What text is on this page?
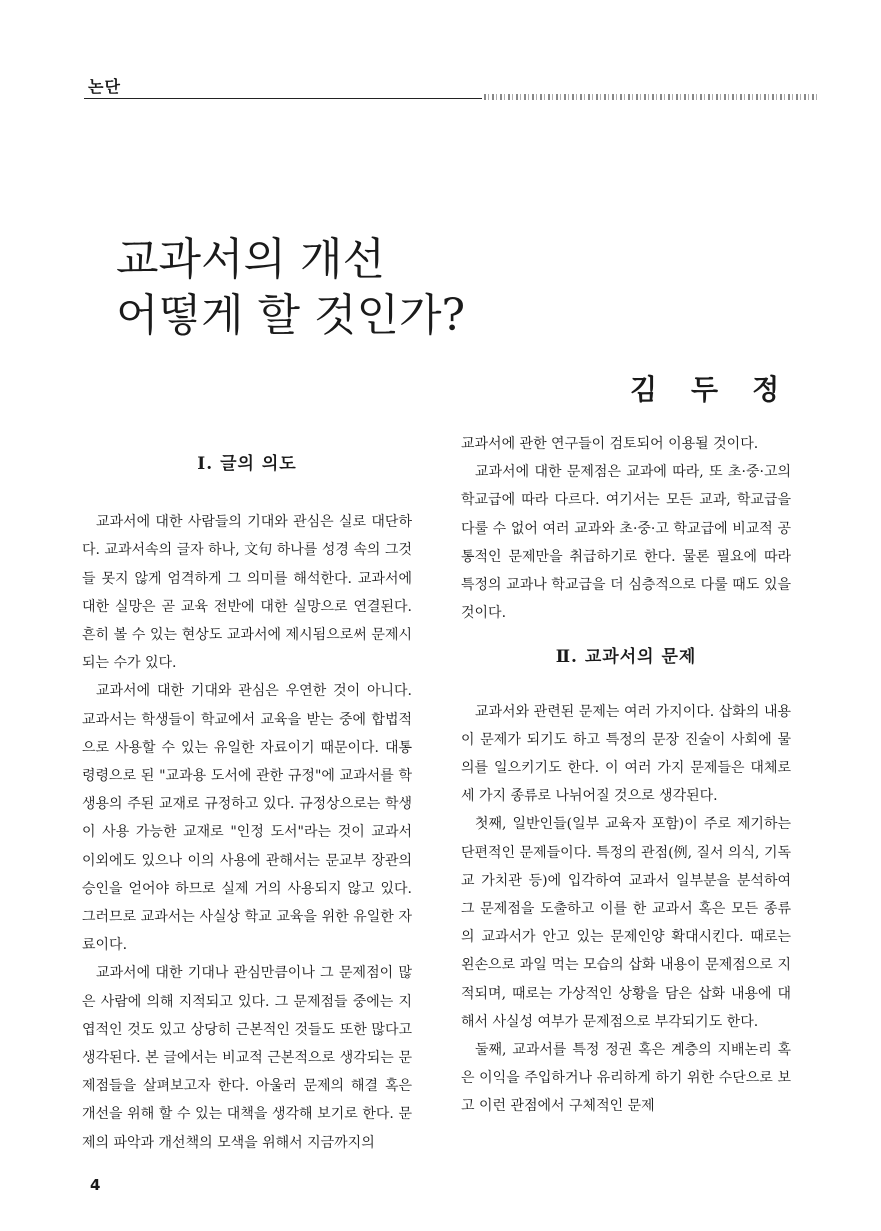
논단
교과서의 개선
어떻게 할 것인가?
김두정
Ⅰ. 글의 의도

교과서에 대한 사람들의 기대와 관심은 실로 대단하다. 교과서속의 글자 하나, 文句 하나를 성경 속의 그것들 못지 않게 엄격하게 그 의미를 해석한다. 교과서에 대한 실망은 곧 교육 전반에 대한 실망으로 연결된다. 흔히 볼 수 있는 현상도 교과서에 제시됨으로써 문제시되는 수가 있다.

교과서에 대한 기대와 관심은 우연한 것이 아니다. 교과서는 학생들이 학교에서 교육을 받는 중에 합법적으로 사용할 수 있는 유일한 자료이기 때문이다. 대통령령으로 된 "교과용 도서에 관한 규정"에 교과서를 학생용의 주된 교재로 규정하고 있다. 규정상으로는 학생이 사용 가능한 교재로 "인정 도서"라는 것이 교과서 이외에도 있으나 이의 사용에 관해서는 문교부 장관의 승인을 얻어야 하므로 실제 거의 사용되지 않고 있다. 그러므로 교과서는 사실상 학교 교육을 위한 유일한 자료이다.

교과서에 대한 기대나 관심만큼이나 그 문제점이 많은 사람에 의해 지적되고 있다. 그 문제점들 중에는 지엽적인 것도 있고 상당히 근본적인 것들도 또한 많다고 생각된다. 본 글에서는 비교적 근본적으로 생각되는 문제점들을 살펴보고자 한다. 아울러 문제의 해결 혹은 개선을 위해 할 수 있는 대책을 생각해 보기로 한다. 문제의 파악과 개선책의 모색을 위해서 지금까지의

교과서에 관한 연구들이 검토되어 이용될 것이다.

교과서에 대한 문제점은 교과에 따라, 또 초·중·고의 학교급에 따라 다르다. 여기서는 모든 교과, 학교급을 다룰 수 없어 여러 교과와 초·중·고 학교급에 비교적 공통적인 문제만을 취급하기로 한다. 물론 필요에 따라 특정의 교과나 학교급을 더 심층적으로 다룰 때도 있을 것이다.

Ⅱ. 교과서의 문제

교과서와 관련된 문제는 여러 가지이다. 삽화의 내용이 문제가 되기도 하고 특정의 문장 진술이 사회에 물의를 일으키기도 한다. 이 여러 가지 문제들은 대체로 세 가지 종류로 나뉘어질 것으로 생각된다.

첫째, 일반인들(일부 교육자 포함)이 주로 제기하는 단편적인 문제들이다. 특정의 관점(例, 질서 의식, 기독교 가치관 등)에 입각하여 교과서 일부분을 분석하여 그 문제점을 도출하고 이를 한 교과서 혹은 모든 종류의 교과서가 안고 있는 문제인양 확대시킨다. 때로는 왼손으로 과일 먹는 모습의 삽화 내용이 문제점으로 지적되며, 때로는 가상적인 상황을 담은 삽화 내용에 대해서 사실성 여부가 문제점으로 부각되기도 한다.

둘째, 교과서를 특정 정권 혹은 계층의 지배논리 혹은 이익을 주입하거나 유리하게 하기 위한 수단으로 보고 이런 관점에서 구체적인 문제

4
